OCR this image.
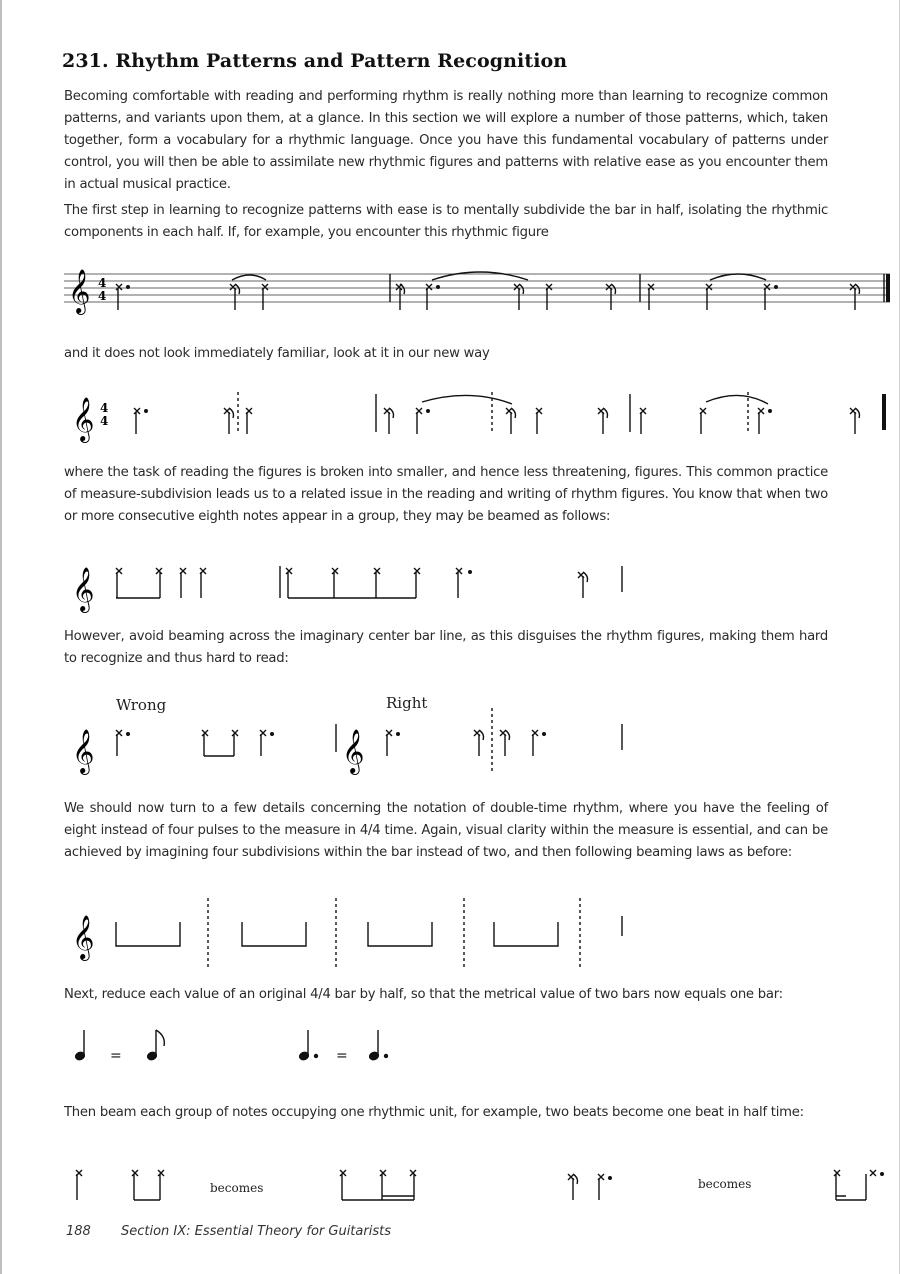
231. Rhythm Patterns and Pattern Recognition

Becoming comfortable with reading and performing rhythm is really nothing more than learning to recognize common patterns, and variants upon them, at a glance. In this section we will explore a number of those patterns, which, taken together, form a vocabulary for a rhythmic language. Once you have this fundamental vocabulary of patterns under control, you will then be able to assimilate new rhythmic figures and patterns with relative ease as you encounter them in actual musical practice.

The first step in learning to recognize patterns with ease is to mentally subdivide the bar in half, isolating the rhythmic components in each half. If, for example, you encounter this rhythmic figure

𝄞 4
4

and it does not look immediately familiar, look at it in our new way

𝄞 4
4

where the task of reading the figures is broken into smaller, and hence less threatening, figures. This common practice of measure-subdivision leads us to a related issue in the reading and writing of rhythm figures. You know that when two or more consecutive eighth notes appear in a group, they may be beamed as follows:

𝄞

However, avoid beaming across the imaginary center bar line, as this disguises the rhythm figures, making them hard to recognize and thus hard to read:

Wrong	Right
𝄞	𝄞

We should now turn to a few details concerning the notation of double-time rhythm, where you have the feeling of eight instead of four pulses to the measure in 4/4 time. Again, visual clarity within the measure is essential, and can be achieved by imagining four subdivisions within the bar instead of two, and then following beaming laws as before:

𝄞

Next, reduce each value of an original 4/4 bar by half, so that the metrical value of two bars now equals one bar:

=	=

Then beam each group of notes occupying one rhythmic unit, for example, two beats become one beat in half time:

becomes	becomes
188 Section IX: Essential Theory for Guitarists
